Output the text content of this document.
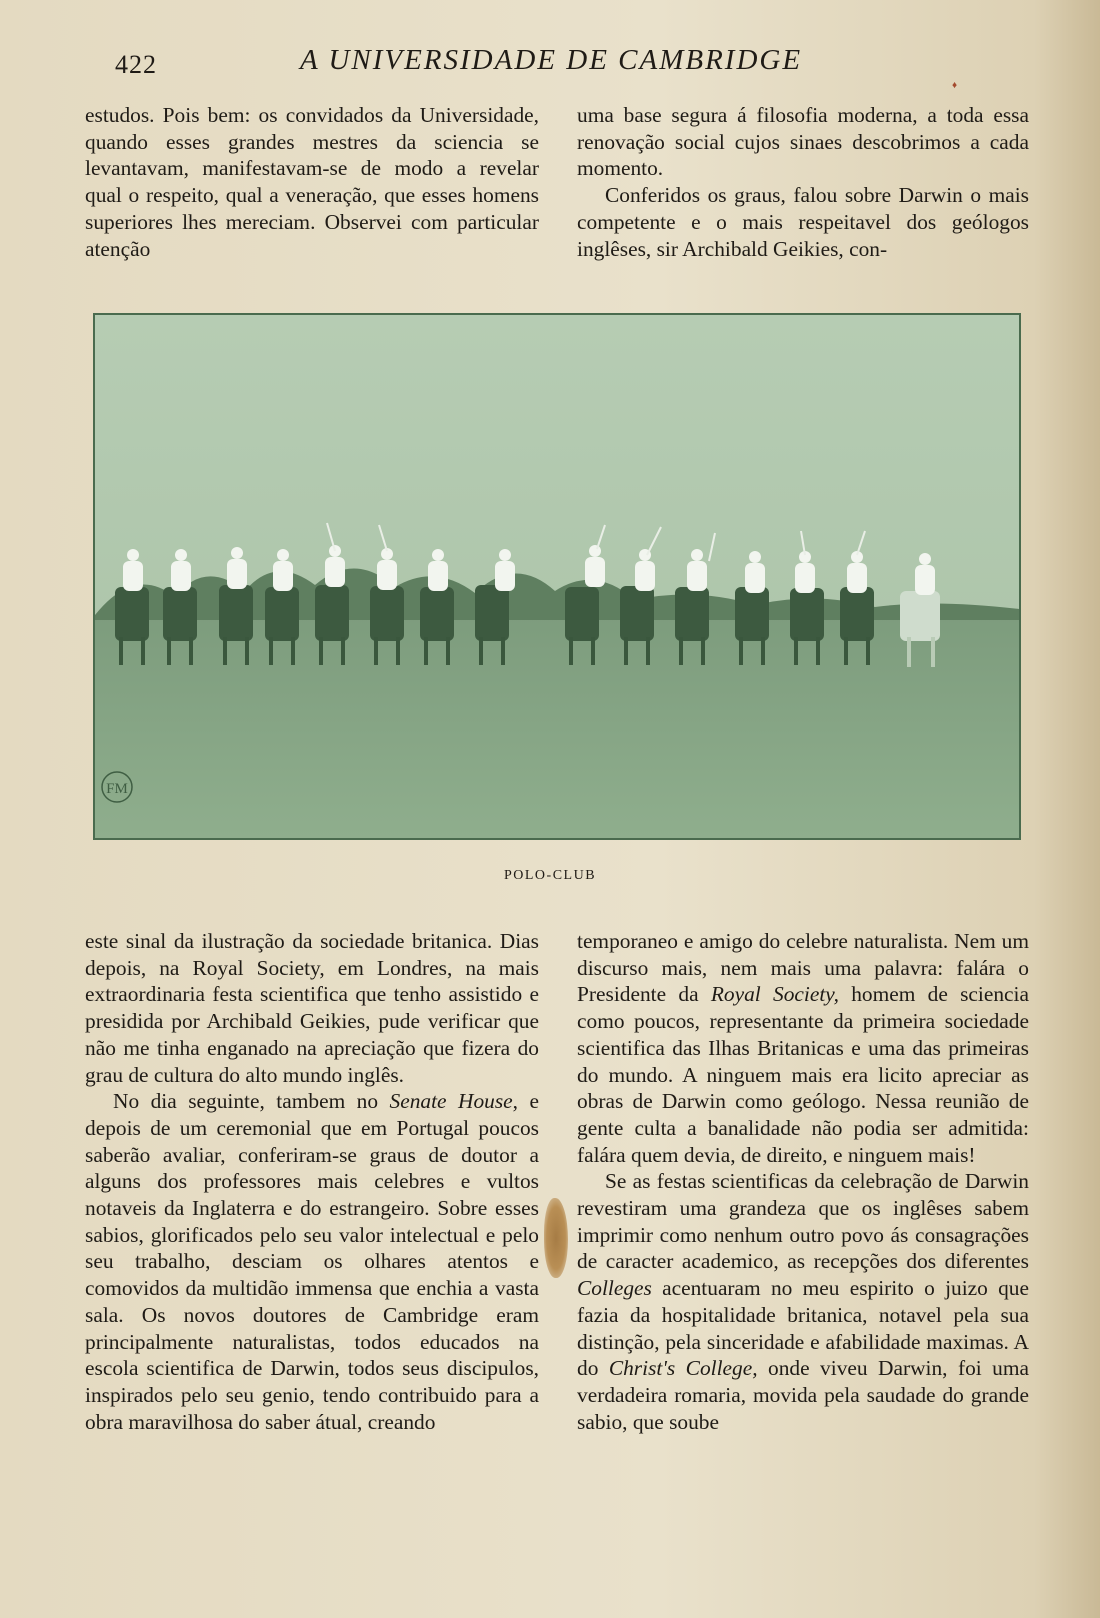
422	A UNIVERSIDADE DE CAMBRIDGE
♦

estudos. Pois bem: os convidados da Universidade, quando esses grandes mestres da sciencia se levantavam, manifestavam-se de modo a revelar qual o respeito, qual a veneração, que esses homens superiores lhes mereciam. Observei com particular atenção

uma base segura á filosofia moderna, a toda essa renovação social cujos sinaes descobrimos a cada momento.

Conferidos os graus, falou sobre Darwin o mais competente e o mais respeitavel dos geólogos inglêses, sir Archibald Geikies, con-

FM
POLO-CLUB

este sinal da ilustração da sociedade britanica. Dias depois, na Royal Society, em Londres, na mais extraordinaria festa scientifica que tenho assistido e presidida por Archibald Geikies, pude verificar que não me tinha enganado na apreciação que fizera do grau de cultura do alto mundo inglês.

No dia seguinte, tambem no Senate House, e depois de um ceremonial que em Portugal poucos saberão avaliar, conferiram-se graus de doutor a alguns dos professores mais celebres e vultos notaveis da Inglaterra e do estrangeiro. Sobre esses sabios, glorificados pelo seu valor intelectual e pelo seu trabalho, desciam os olhares atentos e comovidos da multidão immensa que enchia a vasta sala. Os novos doutores de Cambridge eram principalmente naturalistas, todos educados na escola scientifica de Darwin, todos seus discipulos, inspirados pelo seu genio, tendo contribuido para a obra maravilhosa do saber átual, creando

temporaneo e amigo do celebre naturalista. Nem um discurso mais, nem mais uma palavra: falára o Presidente da Royal Society, homem de sciencia como poucos, representante da primeira sociedade scientifica das Ilhas Britanicas e uma das primeiras do mundo. A ninguem mais era licito apreciar as obras de Darwin como geólogo. Nessa reunião de gente culta a banalidade não podia ser admitida: falára quem devia, de direito, e ninguem mais!

Se as festas scientificas da celebração de Darwin revestiram uma grandeza que os inglêses sabem imprimir como nenhum outro povo ás consagrações de caracter academico, as recepções dos diferentes Colleges acentuaram no meu espirito o juizo que fazia da hospitalidade britanica, notavel pela sua distinção, pela sinceridade e afabilidade maximas. A do Christ's College, onde viveu Darwin, foi uma verdadeira romaria, movida pela saudade do grande sabio, que soube
